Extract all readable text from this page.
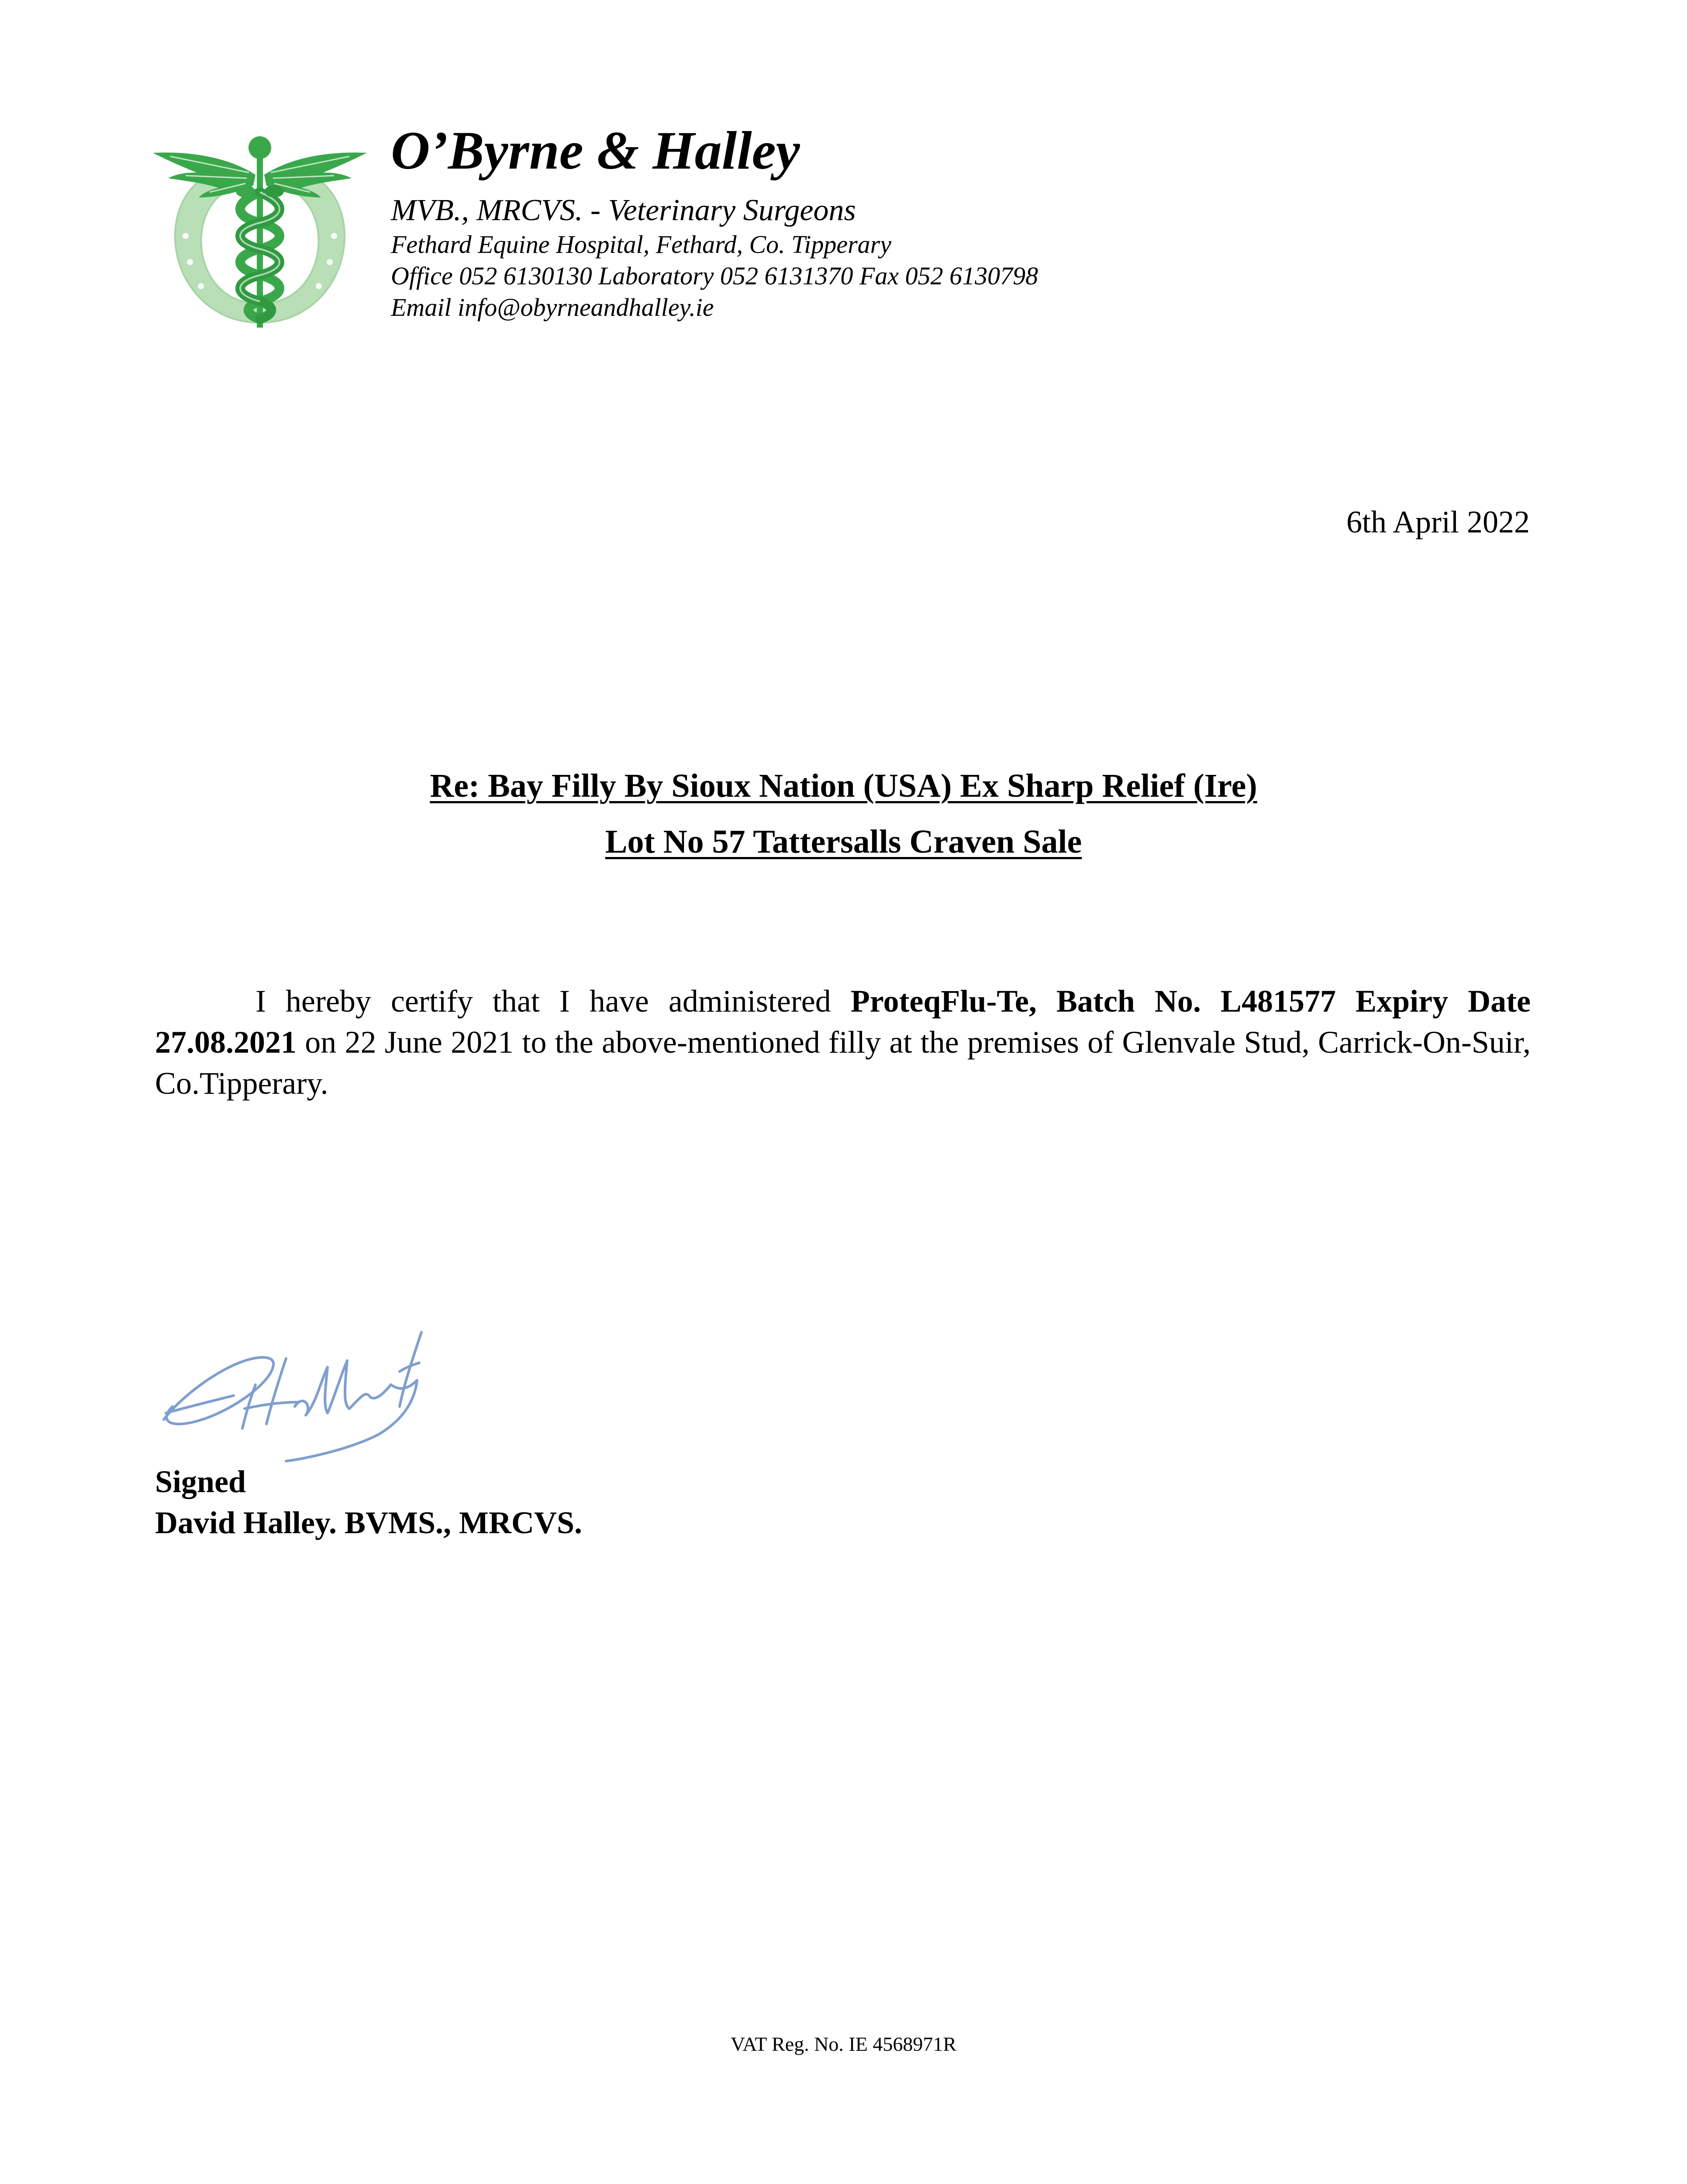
O’Byrne & Halley
MVB., MRCVS. - Veterinary Surgeons
Fethard Equine Hospital, Fethard, Co. Tipperary
Office 052 6130130 Laboratory 052 6131370 Fax 052 6130798
Email info@obyrneandhalley.ie
6th April 2022
Re: Bay Filly By Sioux Nation (USA) Ex Sharp Relief (Ire)
Lot No 57 Tattersalls Craven Sale
I hereby certify that I have administered ProteqFlu-Te, Batch No. L481577 Expiry Date 27.08.2021 on 22 June 2021 to the above-mentioned filly at the premises of Glenvale Stud, Carrick-On-Suir, Co.Tipperary.
Signed
David Halley. BVMS., MRCVS.
VAT Reg. No. IE 4568971R
